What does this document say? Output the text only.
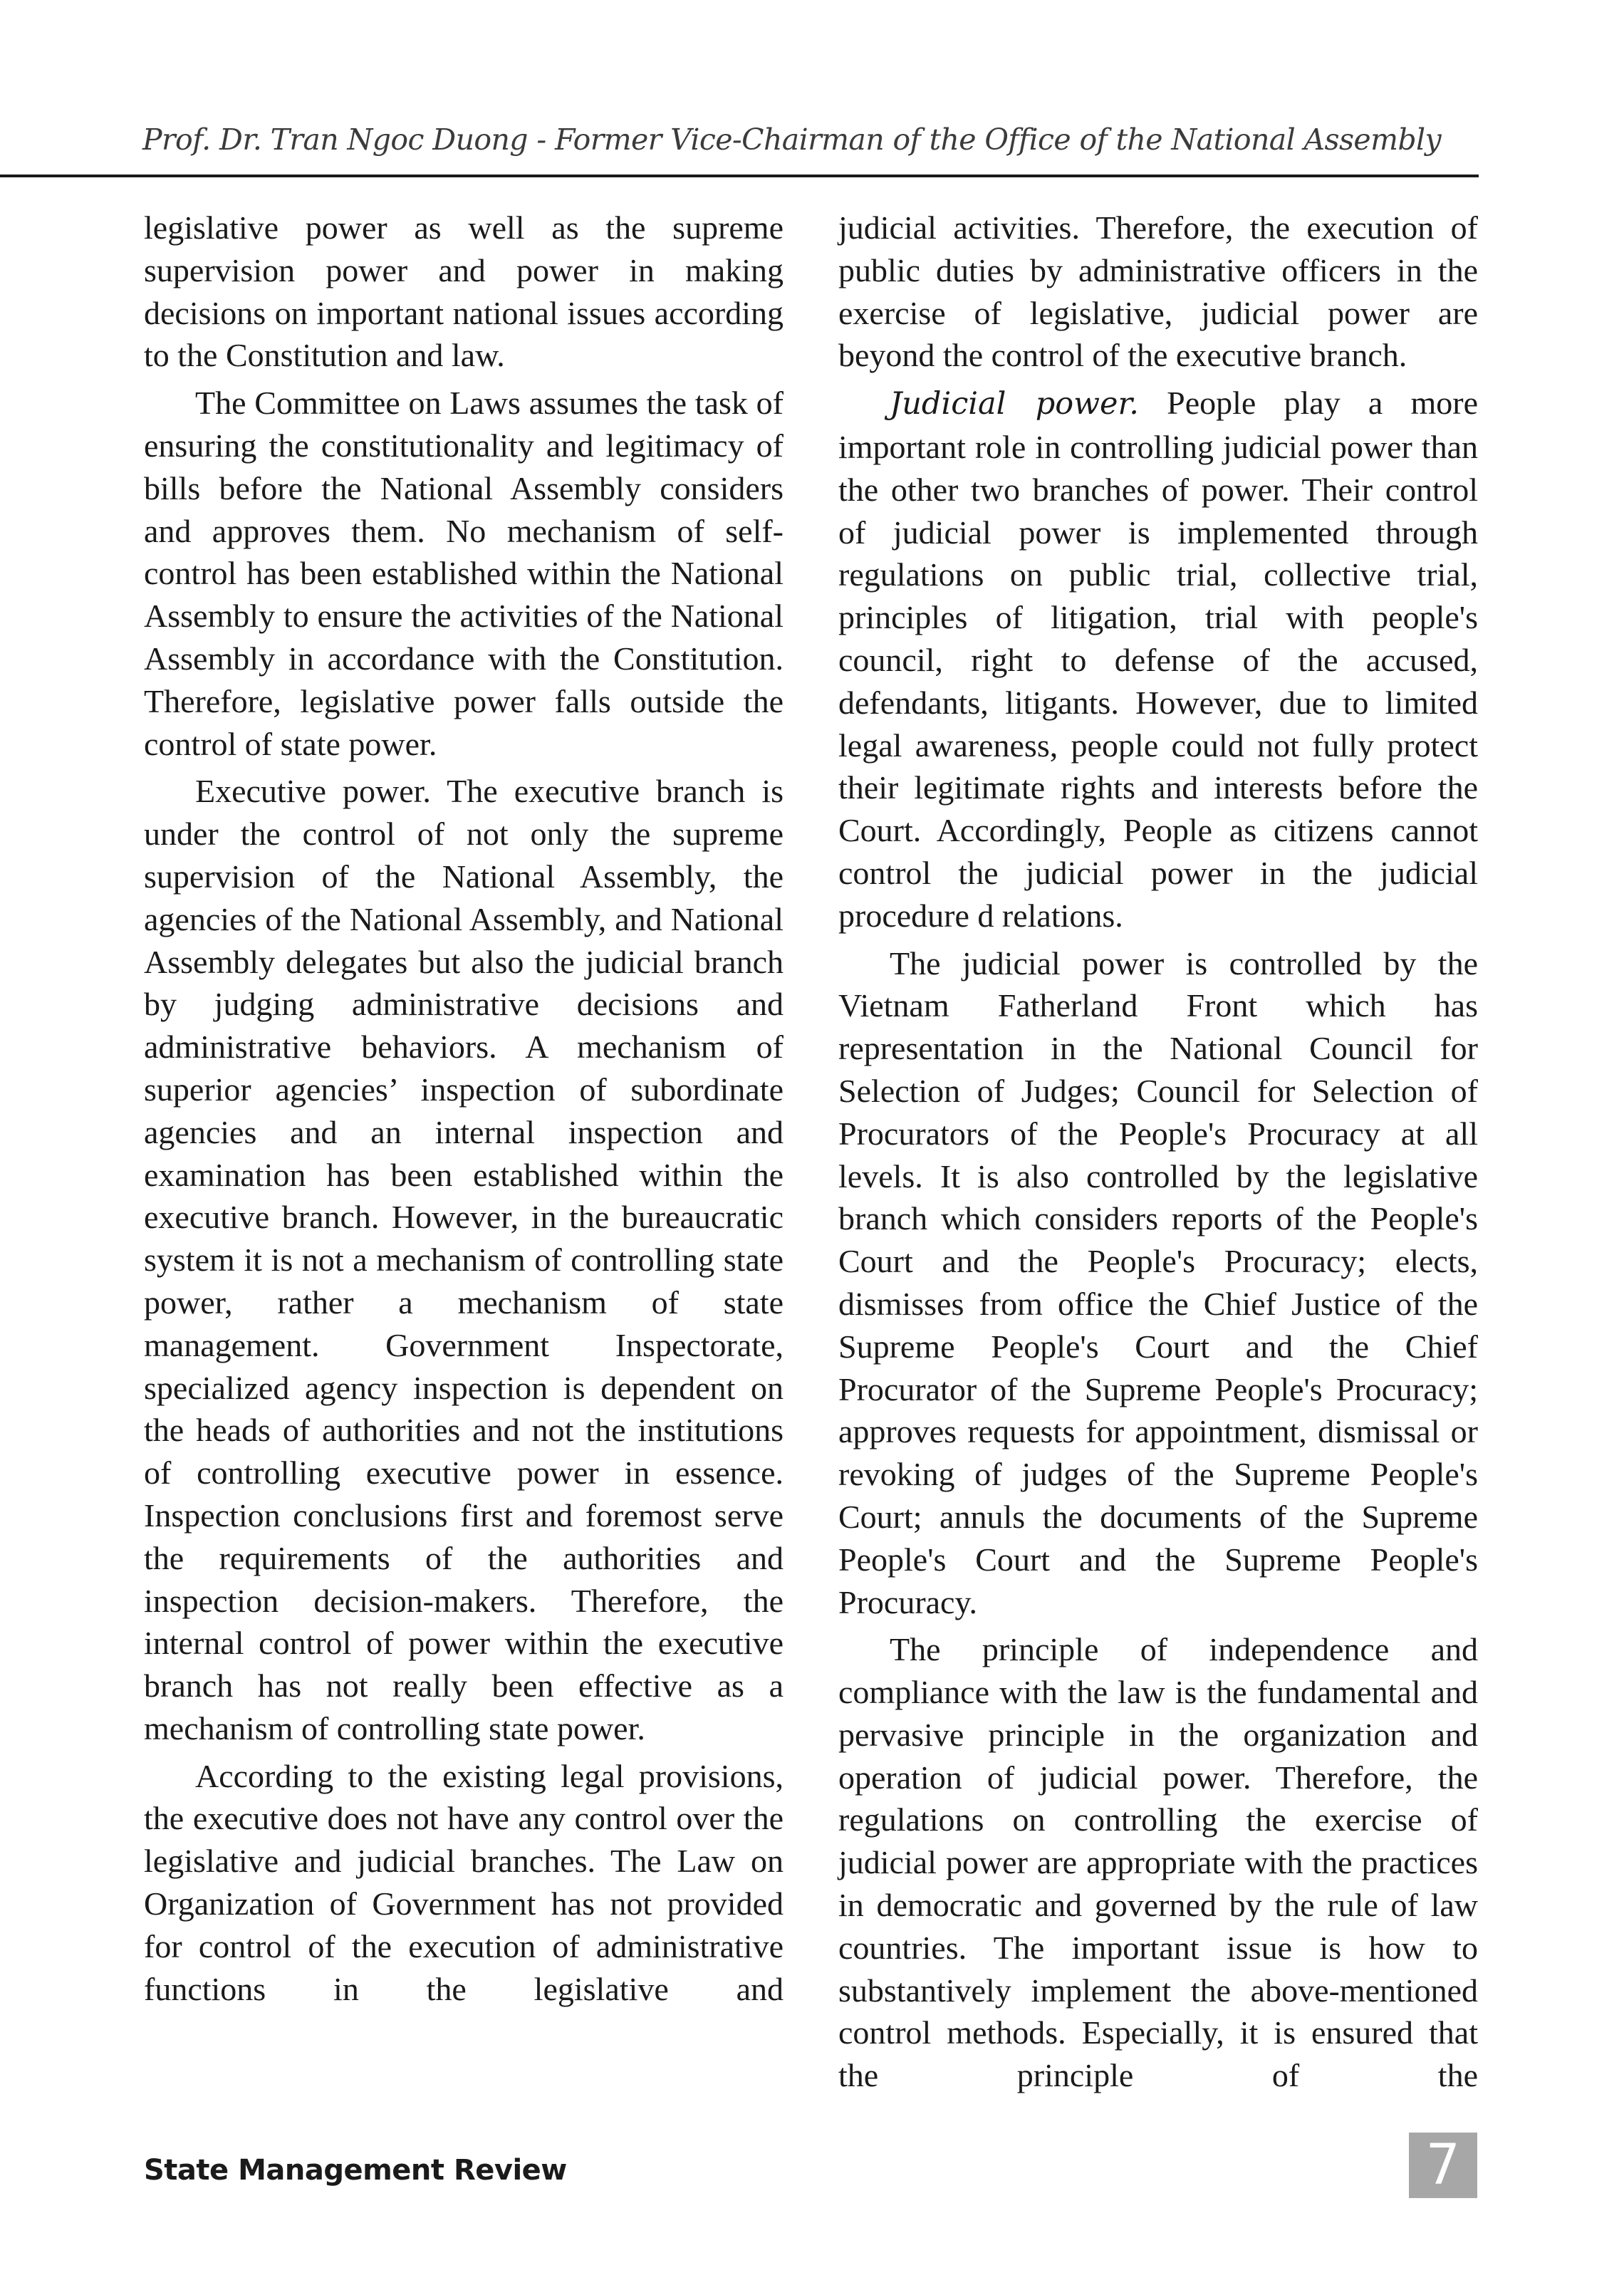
Prof. Dr. Tran Ngoc Duong - Former Vice-Chairman of the Office of the National Assembly

legislative power as well as the supreme supervision power and power in making decisions on important national issues according to the Constitution and law.

The Committee on Laws assumes the task of ensuring the constitutionality and legitimacy of bills before the National Assembly considers and approves them. No mechanism of self-control has been established within the National Assembly to ensure the activities of the National Assembly in accordance with the Constitution. Therefore, legislative power falls outside the control of state power.

Executive power. The executive branch is under the control of not only the supreme supervision of the National Assembly, the agencies of the National Assembly, and National Assembly delegates but also the judicial branch by judging administrative decisions and administrative behaviors. A mechanism of superior agencies’ inspection of subordinate agencies and an internal inspection and examination has been established within the executive branch. However, in the bureaucratic system it is not a mechanism of controlling state power, rather a mechanism of state management. Government Inspectorate, specialized agency inspection is dependent on the heads of authorities and not the institutions of controlling executive power in essence. Inspection conclusions first and foremost serve the requirements of the authorities and inspection decision-makers. Therefore, the internal control of power within the executive branch has not really been effective as a mechanism of controlling state power.

According to the existing legal provisions, the executive does not have any control over the legislative and judicial branches. The Law on Organization of Government has not provided for control of the execution of administrative functions in the legislative and

judicial activities. Therefore, the execution of public duties by administrative officers in the exercise of legislative, judicial power are beyond the control of the executive branch.

Judicial power. People play a more important role in controlling judicial power than the other two branches of power. Their control of judicial power is implemented through regulations on public trial, collective trial, principles of litigation, trial with people's council, right to defense of the accused, defendants, litigants. However, due to limited legal awareness, people could not fully protect their legitimate rights and interests before the Court. Accordingly, People as citizens cannot control the judicial power in the judicial procedure d relations.

The judicial power is controlled by the Vietnam Fatherland Front which has representation in the National Council for Selection of Judges; Council for Selection of Procurators of the People's Procuracy at all levels. It is also controlled by the legislative branch which considers reports of the People's Court and the People's Procuracy; elects, dismisses from office the Chief Justice of the Supreme People's Court and the Chief Procurator of the Supreme People's Procuracy; approves requests for appointment, dismissal or revoking of judges of the Supreme People's Court; annuls the documents of the Supreme People's Court and the Supreme People's Procuracy.

The principle of independence and compliance with the law is the fundamental and pervasive principle in the organization and operation of judicial power. Therefore, the regulations on controlling the exercise of judicial power are appropriate with the practices in democratic and governed by the rule of law countries. The important issue is how to substantively implement the above-mentioned control methods. Especially, it is ensured that the principle of the

State Management Review	7
